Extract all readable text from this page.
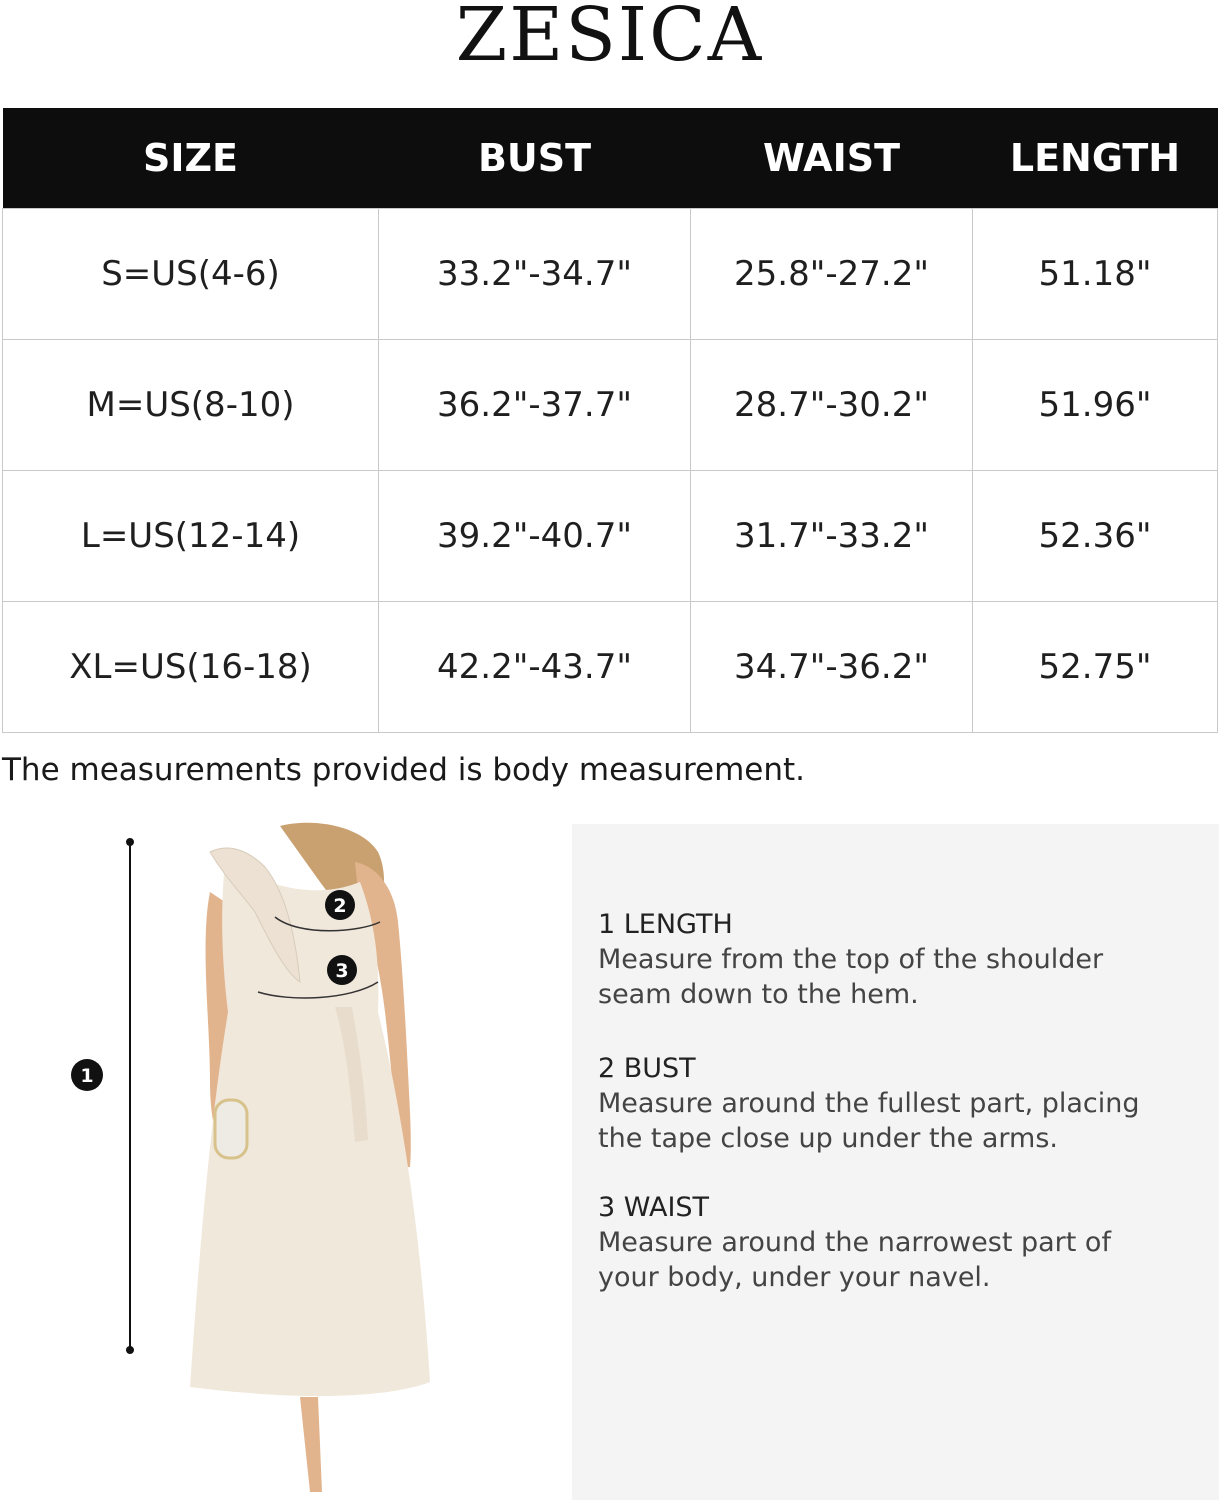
ZESICA
SIZE	BUST	WAIST	LENGTH
S=US(4-6)	33.2"-34.7"	25.8"-27.2"	51.18"
M=US(8-10)	36.2"-37.7"	28.7"-30.2"	51.96"
L=US(12-14)	39.2"-40.7"	31.7"-33.2"	52.36"
XL=US(16-18)	42.2"-43.7"	34.7"-36.2"	52.75"
The measurements provided is body measurement.
2
3
1
1 LENGTH
Measure from the top of the shoulder
seam down to the hem.
2 BUST
Measure around the fullest part, placing
the tape close up under the arms.
3 WAIST
Measure around the narrowest part of
your body, under your navel.
